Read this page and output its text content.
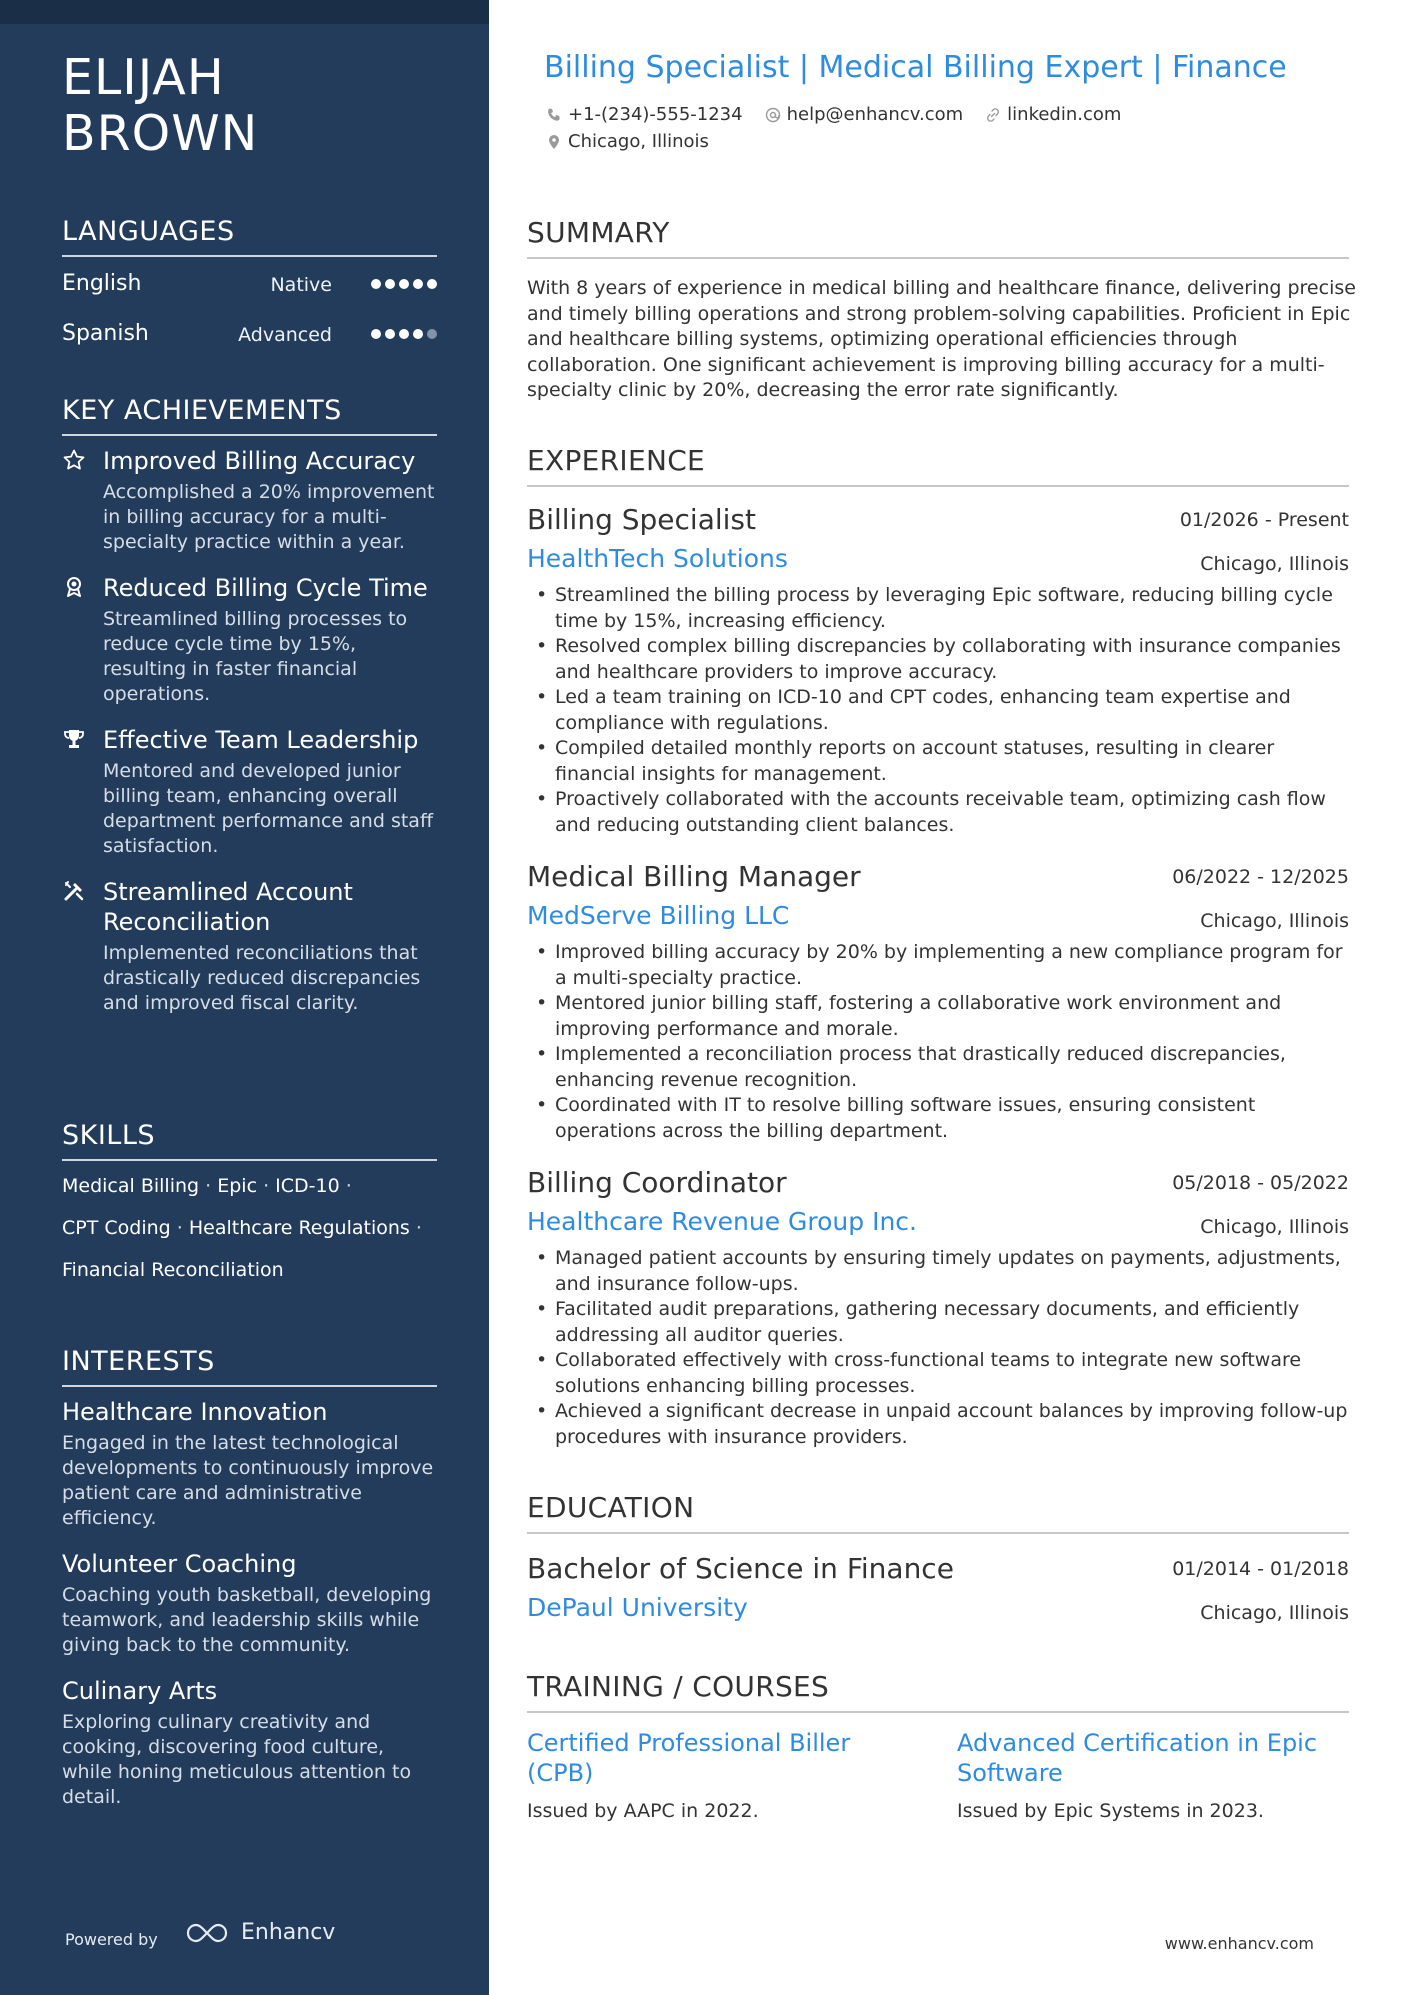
ELIJAH
BROWN
LANGUAGES
English	Native
Spanish	Advanced
KEY ACHIEVEMENTS
Improved Billing Accuracy
Accomplished a 20% improvement in billing accuracy for a multi-specialty practice within a year.
Reduced Billing Cycle Time
Streamlined billing processes to reduce cycle time by 15%, resulting in faster financial operations.
Effective Team Leadership
Mentored and developed junior billing team, enhancing overall department performance and staff satisfaction.
Streamlined Account Reconciliation
Implemented reconciliations that drastically reduced discrepancies and improved fiscal clarity.
SKILLS
Medical Billing · Epic · ICD-10 ·
CPT Coding · Healthcare Regulations ·
Financial Reconciliation
INTERESTS
Healthcare Innovation
Engaged in the latest technological developments to continuously improve patient care and administrative efficiency.
Volunteer Coaching
Coaching youth basketball, developing teamwork, and leadership skills while giving back to the community.
Culinary Arts
Exploring culinary creativity and cooking, discovering food culture, while honing meticulous attention to detail.
Powered by	Enhancv
Billing Specialist | Medical Billing Expert | Finance
+1-(234)-555-1234 help@enhancv.com linkedin.com
Chicago, Illinois
SUMMARY
With 8 years of experience in medical billing and healthcare finance, delivering precise and timely billing operations and strong problem-solving capabilities. Proficient in Epic and healthcare billing systems, optimizing operational efficiencies through collaboration. One significant achievement is improving billing accuracy for a multi-specialty clinic by 20%, decreasing the error rate significantly.
EXPERIENCE
Billing Specialist	01/2026 - Present
HealthTech Solutions	Chicago, Illinois
• Streamlined the billing process by leveraging Epic software, reducing billing cycle time by 15%, increasing efficiency.
• Resolved complex billing discrepancies by collaborating with insurance companies and healthcare providers to improve accuracy.
• Led a team training on ICD-10 and CPT codes, enhancing team expertise and compliance with regulations.
• Compiled detailed monthly reports on account statuses, resulting in clearer financial insights for management.
• Proactively collaborated with the accounts receivable team, optimizing cash flow and reducing outstanding client balances.
Medical Billing Manager	06/2022 - 12/2025
MedServe Billing LLC	Chicago, Illinois
• Improved billing accuracy by 20% by implementing a new compliance program for a multi-specialty practice.
• Mentored junior billing staff, fostering a collaborative work environment and improving performance and morale.
• Implemented a reconciliation process that drastically reduced discrepancies, enhancing revenue recognition.
• Coordinated with IT to resolve billing software issues, ensuring consistent operations across the billing department.
Billing Coordinator	05/2018 - 05/2022
Healthcare Revenue Group Inc.	Chicago, Illinois
• Managed patient accounts by ensuring timely updates on payments, adjustments, and insurance follow-ups.
• Facilitated audit preparations, gathering necessary documents, and efficiently addressing all auditor queries.
• Collaborated effectively with cross-functional teams to integrate new software solutions enhancing billing processes.
• Achieved a significant decrease in unpaid account balances by improving follow-up procedures with insurance providers.
EDUCATION
Bachelor of Science in Finance	01/2014 - 01/2018
DePaul University	Chicago, Illinois
TRAINING / COURSES
Certified Professional Biller (CPB)
Issued by AAPC in 2022.
Advanced Certification in Epic Software
Issued by Epic Systems in 2023.
www.enhancv.com
